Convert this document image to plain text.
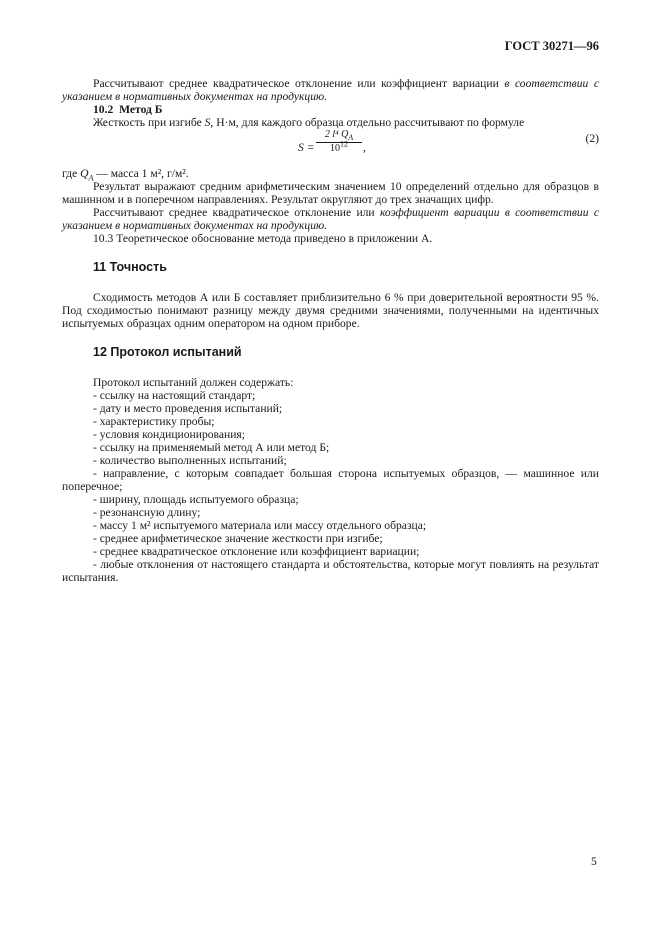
ГОСТ 30271—96

Рассчитывают среднее квадратическое отклонение или коэффициент вариации в соответствии с указанием в нормативных документах на продукцию.

10.2 Метод Б

Жесткость при изгибе S, Н·м, для каждого образца отдельно рассчитывают по формуле

$S = \frac{2 l^4 Q_A}{10^{12}}$ ,
(2)

где $Q_A$ — масса 1 м², г/м².

Результат выражают средним арифметическим значением 10 определений отдельно для образцов в машинном и в поперечном направлениях. Результат округляют до трех значащих цифр.

Рассчитывают среднее квадратическое отклонение или коэффициент вариации в соответствии с указанием в нормативных документах на продукцию.

10.3 Теоретическое обоснование метода приведено в приложении А.

11 Точность

Сходимость методов А или Б составляет приблизительно 6 % при доверительной вероятности 95 %. Под сходимостью понимают разницу между двумя средними значениями, полученными на идентичных испытуемых образцах одним оператором на одном приборе.

12 Протокол испытаний

Протокол испытаний должен содержать:

- ссылку на настоящий стандарт;

- дату и место проведения испытаний;

- характеристику пробы;

- условия кондиционирования;

- ссылку на применяемый метод А или метод Б;

- количество выполненных испытаний;

- направление, с которым совпадает большая сторона испытуемых образцов, — машинное или поперечное;

- ширину, площадь испытуемого образца;

- резонансную длину;

- массу 1 м² испытуемого материала или массу отдельного образца;

- среднее арифметическое значение жесткости при изгибе;

- среднее квадратическое отклонение или коэффициент вариации;

- любые отклонения от настоящего стандарта и обстоятельства, которые могут повлиять на результат испытания.

5
